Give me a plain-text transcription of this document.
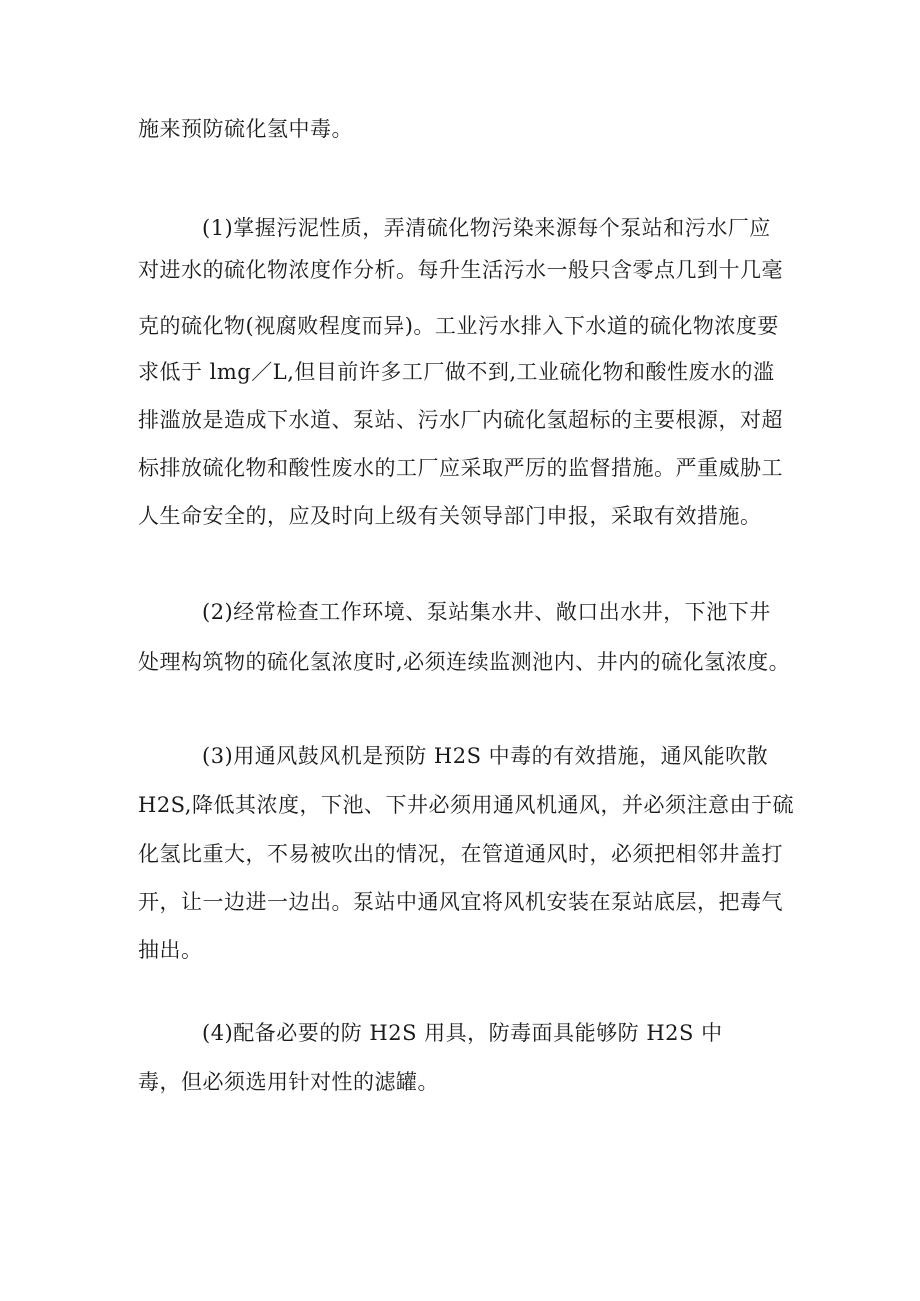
施来预防硫化氢中毒。
(1)掌握污泥性质，弄清硫化物污染来源每个泵站和污水厂应
对进水的硫化物浓度作分析。每升生活污水一般只含零点几到十几毫
克的硫化物(视腐败程度而异)。工业污水排入下水道的硫化物浓度要
求低于 lmg／L,但目前许多工厂做不到,工业硫化物和酸性废水的滥
排滥放是造成下水道、泵站、污水厂内硫化氢超标的主要根源，对超
标排放硫化物和酸性废水的工厂应采取严厉的监督措施。严重威胁工
人生命安全的，应及时向上级有关领导部门申报，采取有效措施。
(2)经常检查工作环境、泵站集水井、敞口出水井，下池下井
处理构筑物的硫化氢浓度时,必须连续监测池内、井内的硫化氢浓度。
(3)用通风鼓风机是预防 H2S 中毒的有效措施，通风能吹散
H2S,降低其浓度，下池、下井必须用通风机通风，并必须注意由于硫
化氢比重大，不易被吹出的情况，在管道通风时，必须把相邻井盖打
开，让一边进一边出。泵站中通风宜将风机安装在泵站底层，把毒气
抽出。
(4)配备必要的防 H2S 用具，防毒面具能够防 H2S 中
毒，但必须选用针对性的滤罐。
